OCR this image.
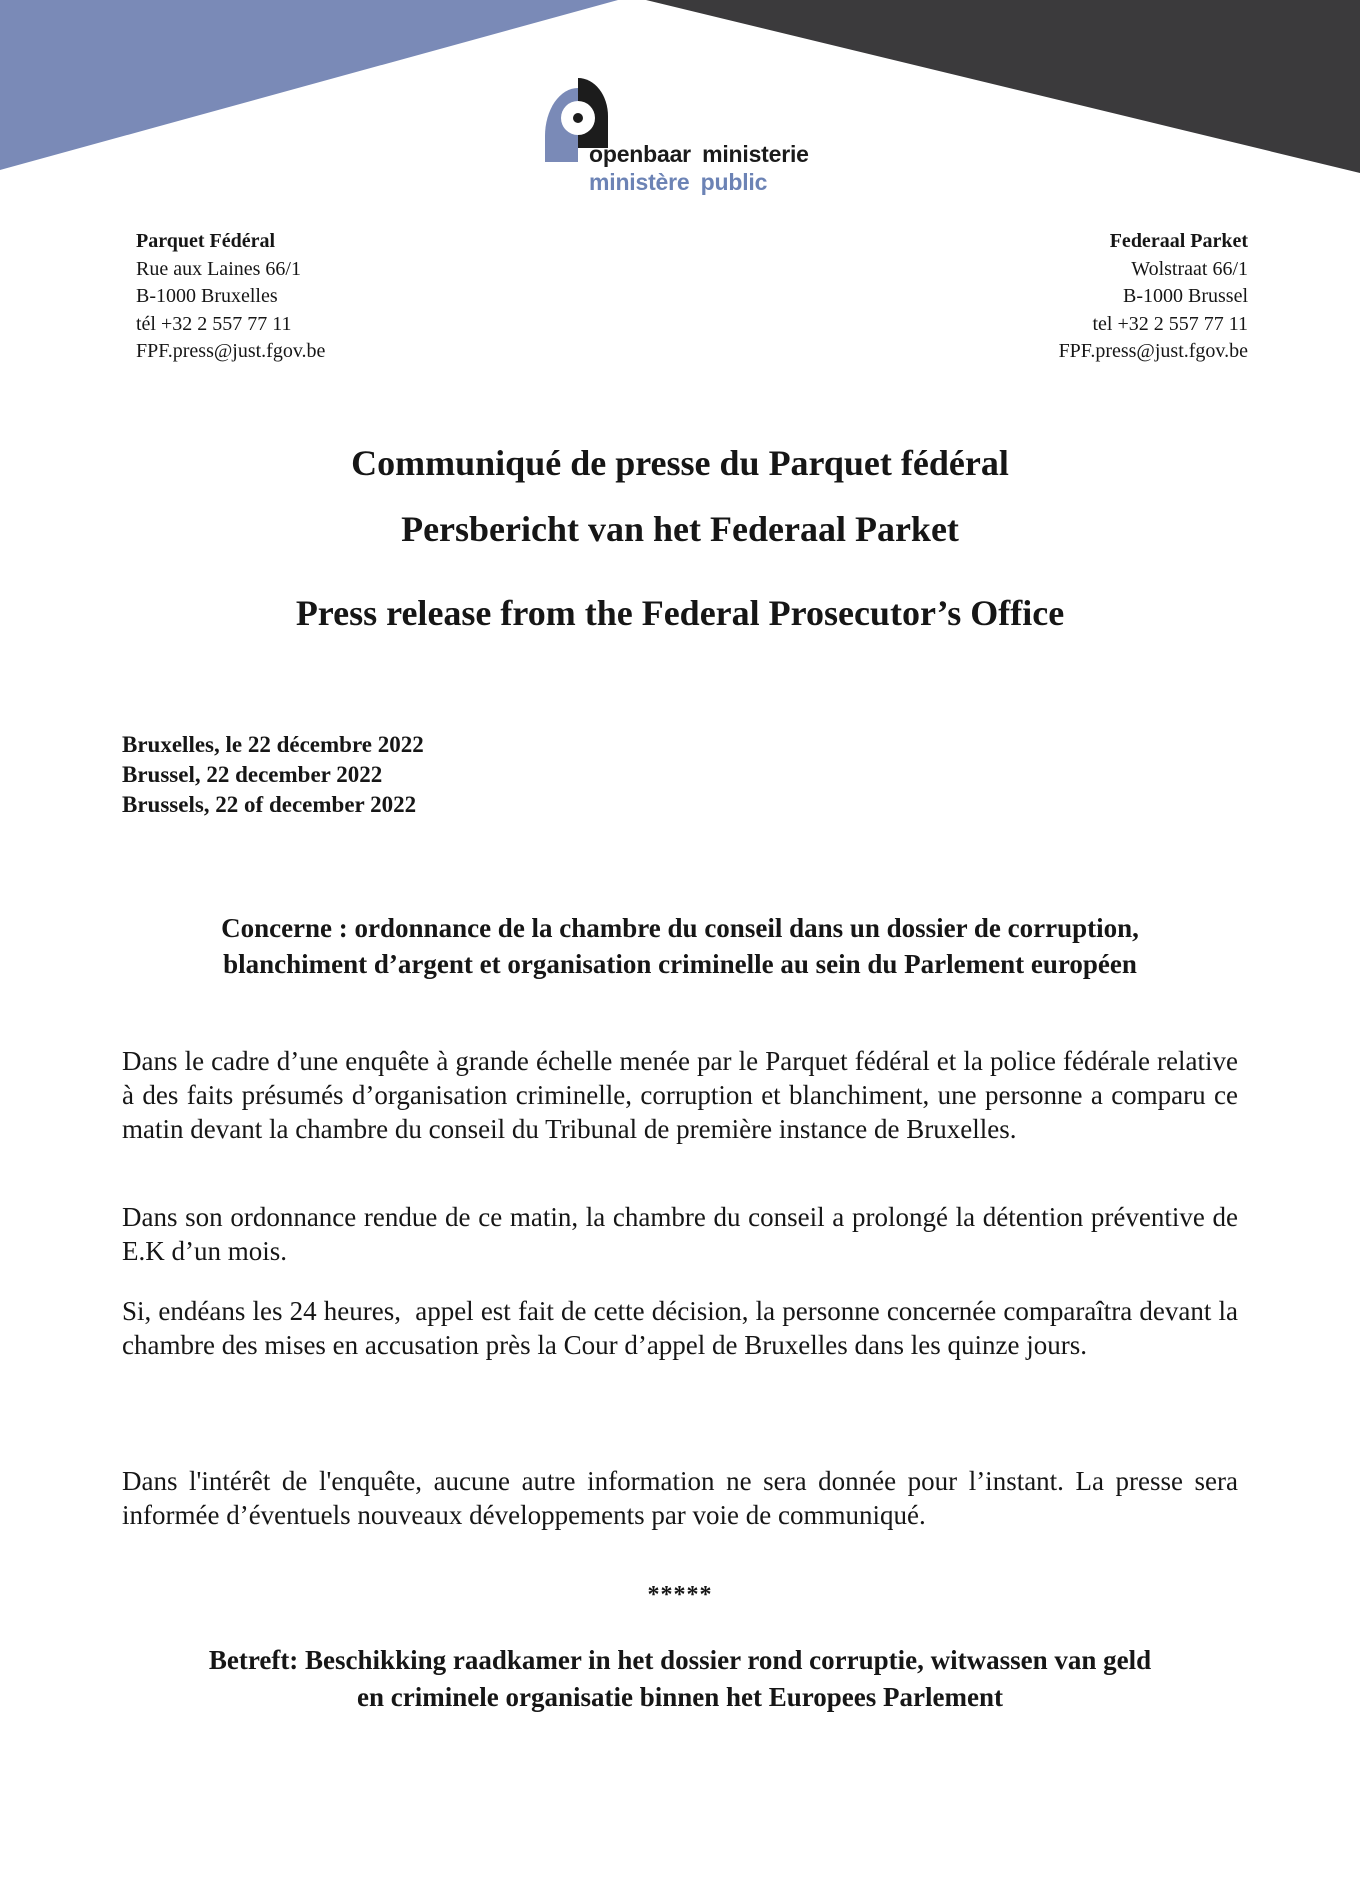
openbaar ministerie
ministère public
Parquet Fédéral
Rue aux Laines 66/1
B-1000 Bruxelles
tél +32 2 557 77 11
FPF.press@just.fgov.be
Federaal Parket
Wolstraat 66/1
B-1000 Brussel
tel +32 2 557 77 11
FPF.press@just.fgov.be
Communiqué de presse du Parquet fédéral
Persbericht van het Federaal Parket
Press release from the Federal Prosecutor’s Office
Bruxelles, le 22 décembre 2022
Brussel, 22 december 2022
Brussels, 22 of december 2022
Concerne : ordonnance de la chambre du conseil dans un dossier de corruption,
blanchiment d’argent et organisation criminelle au sein du Parlement européen
Dans le cadre d’une enquête à grande échelle menée par le Parquet fédéral et la police fédérale relative à des faits présumés d’organisation criminelle, corruption et blanchiment, une personne a comparu ce matin devant la chambre du conseil du Tribunal de première instance de Bruxelles.
Dans son ordonnance rendue de ce matin, la chambre du conseil a prolongé la détention préventive de E.K d’un mois.
Si, endéans les 24 heures,  appel est fait de cette décision, la personne concernée comparaîtra devant la chambre des mises en accusation près la Cour d’appel de Bruxelles dans les quinze jours.
Dans l'intérêt de l'enquête, aucune autre information ne sera donnée pour l’instant. La presse sera informée d’éventuels nouveaux développements par voie de communiqué.
*****
Betreft: Beschikking raadkamer in het dossier rond corruptie, witwassen van geld
en criminele organisatie binnen het Europees Parlement
